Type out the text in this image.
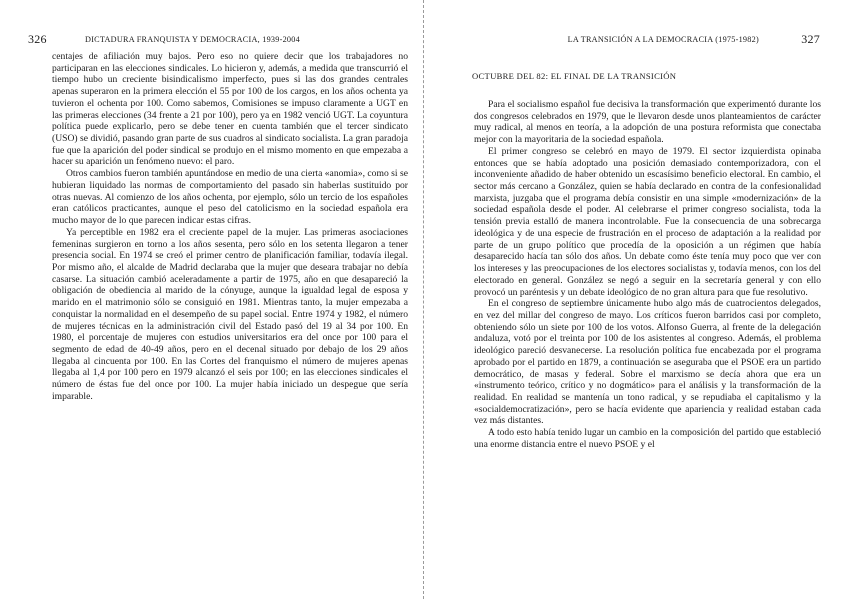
326	DICTADURA FRANQUISTA Y DEMOCRACIA, 1939-2004

centajes de afiliación muy bajos. Pero eso no quiere decir que los trabajadores no participaran en las elecciones sindicales. Lo hicieron y, además, a medida que transcurrió el tiempo hubo un creciente bisindicalismo imperfecto, pues si las dos grandes centrales apenas superaron en la primera elección el 55 por 100 de los cargos, en los años ochenta ya tuvieron el ochenta por 100. Como sabemos, Comisiones se impuso claramente a UGT en las primeras elecciones (34 frente a 21 por 100), pero ya en 1982 venció UGT. La coyuntura política puede explicarlo, pero se debe tener en cuenta también que el tercer sindicato (USO) se dividió, pasando gran parte de sus cuadros al sindicato socialista. La gran paradoja fue que la aparición del poder sindical se produjo en el mismo momento en que empezaba a hacer su aparición un fenómeno nuevo: el paro.

Otros cambios fueron también apuntándose en medio de una cierta «anomia», como si se hubieran liquidado las normas de comportamiento del pasado sin haberlas sustituido por otras nuevas. Al comienzo de los años ochenta, por ejemplo, sólo un tercio de los españoles eran católicos practicantes, aunque el peso del catolicismo en la sociedad española era mucho mayor de lo que parecen indicar estas cifras.

Ya perceptible en 1982 era el creciente papel de la mujer. Las primeras asociaciones femeninas surgieron en torno a los años sesenta, pero sólo en los setenta llegaron a tener presencia social. En 1974 se creó el primer centro de planificación familiar, todavía ilegal. Por mismo año, el alcalde de Madrid declaraba que la mujer que deseara trabajar no debía casarse. La situación cambió aceleradamente a partir de 1975, año en que desapareció la obligación de obediencia al marido de la cónyuge, aunque la igualdad legal de esposa y marido en el matrimonio sólo se consiguió en 1981. Mientras tanto, la mujer empezaba a conquistar la normalidad en el desempeño de su papel social. Entre 1974 y 1982, el número de mujeres técnicas en la administración civil del Estado pasó del 19 al 34 por 100. En 1980, el porcentaje de mujeres con estudios universitarios era del once por 100 para el segmento de edad de 40-49 años, pero en el decenal situado por debajo de los 29 años llegaba al cincuenta por 100. En las Cortes del franquismo el número de mujeres apenas llegaba al 1,4 por 100 pero en 1979 alcanzó el seis por 100; en las elecciones sindicales el número de éstas fue del once por 100. La mujer había iniciado un despegue que sería imparable.

LA TRANSICIÓN A LA DEMOCRACIA (1975-1982)	327
OCTUBRE DEL 82: EL FINAL DE LA TRANSICIÓN

Para el socialismo español fue decisiva la transformación que experimentó durante los dos congresos celebrados en 1979, que le llevaron desde unos planteamientos de carácter muy radical, al menos en teoría, a la adopción de una postura reformista que conectaba mejor con la mayoritaria de la sociedad española.

El primer congreso se celebró en mayo de 1979. El sector izquierdista opinaba entonces que se había adoptado una posición demasiado contemporizadora, con el inconveniente añadido de haber obtenido un escasísimo beneficio electoral. En cambio, el sector más cercano a González, quien se había declarado en contra de la confesionalidad marxista, juzgaba que el programa debía consistir en una simple «modernización» de la sociedad española desde el poder. Al celebrarse el primer congreso socialista, toda la tensión previa estalló de manera incontrolable. Fue la consecuencia de una sobrecarga ideológica y de una especie de frustración en el proceso de adaptación a la realidad por parte de un grupo político que procedía de la oposición a un régimen que había desaparecido hacía tan sólo dos años. Un debate como éste tenía muy poco que ver con los intereses y las preocupaciones de los electores socialistas y, todavía menos, con los del electorado en general. González se negó a seguir en la secretaría general y con ello provocó un paréntesis y un debate ideológico de no gran altura para que fue resolutivo.

En el congreso de septiembre únicamente hubo algo más de cuatrocientos delegados, en vez del millar del congreso de mayo. Los críticos fueron barridos casi por completo, obteniendo sólo un siete por 100 de los votos. Alfonso Guerra, al frente de la delegación andaluza, votó por el treinta por 100 de los asistentes al congreso. Además, el problema ideológico pareció desvanecerse. La resolución política fue encabezada por el programa aprobado por el partido en 1879, a continuación se aseguraba que el PSOE era un partido democrático, de masas y federal. Sobre el marxismo se decía ahora que era un «instrumento teórico, crítico y no dogmático» para el análisis y la transformación de la realidad. En realidad se mantenía un tono radical, y se repudiaba el capitalismo y la «socialdemocratización», pero se hacía evidente que apariencia y realidad estaban cada vez más distantes.

A todo esto había tenido lugar un cambio en la composición del partido que estableció una enorme distancia entre el nuevo PSOE y el
